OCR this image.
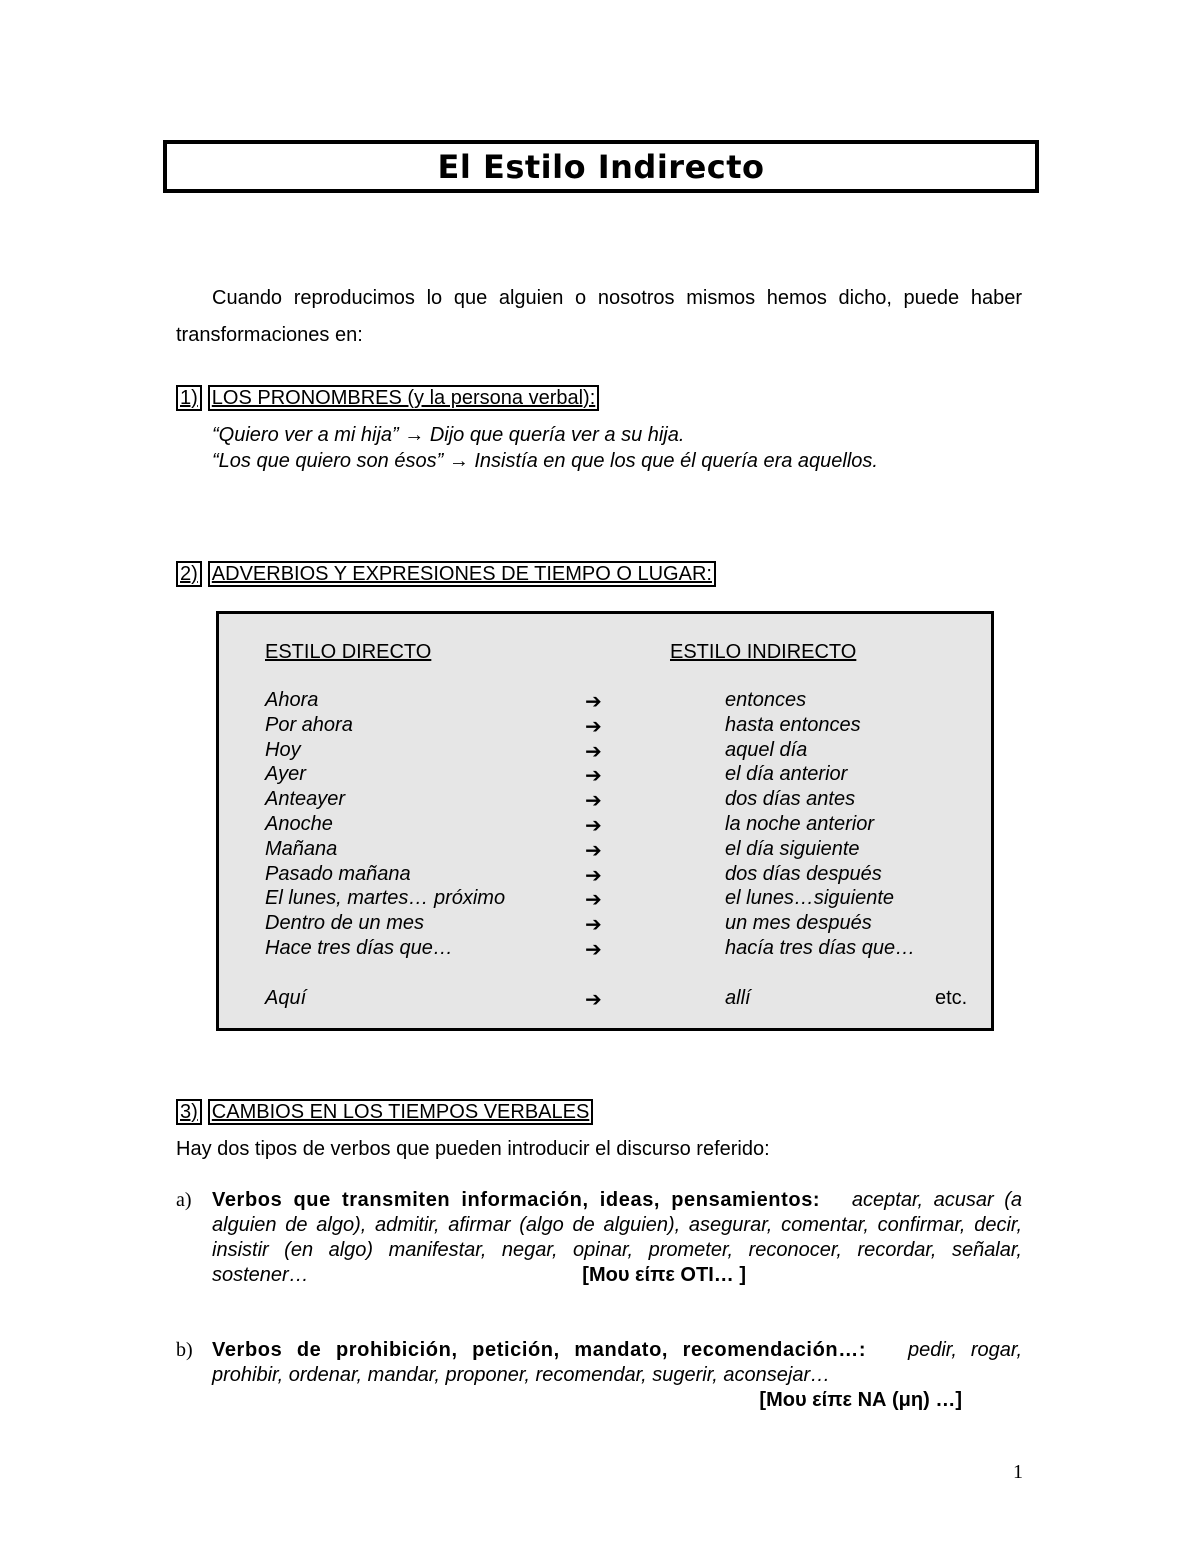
El Estilo Indirecto
Cuando reproducimos lo que alguien o nosotros mismos hemos dicho, puede haber transformaciones en:
1) LOS PRONOMBRES (y la persona verbal):
“Quiero ver a mi hija” → Dijo que quería ver a su hija.
“Los que quiero son ésos” → Insistía en que los que él quería era aquellos.
2) ADVERBIOS Y EXPRESIONES DE TIEMPO O LUGAR:
ESTILO DIRECTO	ESTILO INDIRECTO
Ahora	➔	entonces
Por ahora	➔	hasta entonces
Hoy	➔	aquel día
Ayer	➔	el día anterior
Anteayer	➔	dos días antes
Anoche	➔	la noche anterior
Mañana	➔	el día siguiente
Pasado mañana	➔	dos días después
El lunes, martes… próximo	➔	el lunes…siguiente
Dentro de un mes	➔	un mes después
Hace tres días que…	➔	hacía tres días que…
Aquí	➔	allí	etc.
3) CAMBIOS EN LOS TIEMPOS VERBALES
Hay dos tipos de verbos que pueden introducir el discurso referido:
a) Verbos que transmiten información, ideas, pensamientos: aceptar, acusar (a alguien de algo), admitir, afirmar (algo de alguien), asegurar, comentar, confirmar, decir, insistir (en algo) manifestar, negar, opinar, prometer, reconocer, recordar, señalar, sostener…	[Μου είπε ΟΤΙ… ]
b) Verbos de prohibición, petición, mandato, recomendación…: pedir, rogar, prohibir, ordenar, mandar, proponer, recomendar, sugerir, aconsejar…
[Μου είπε ΝΑ (μη) …]
1
